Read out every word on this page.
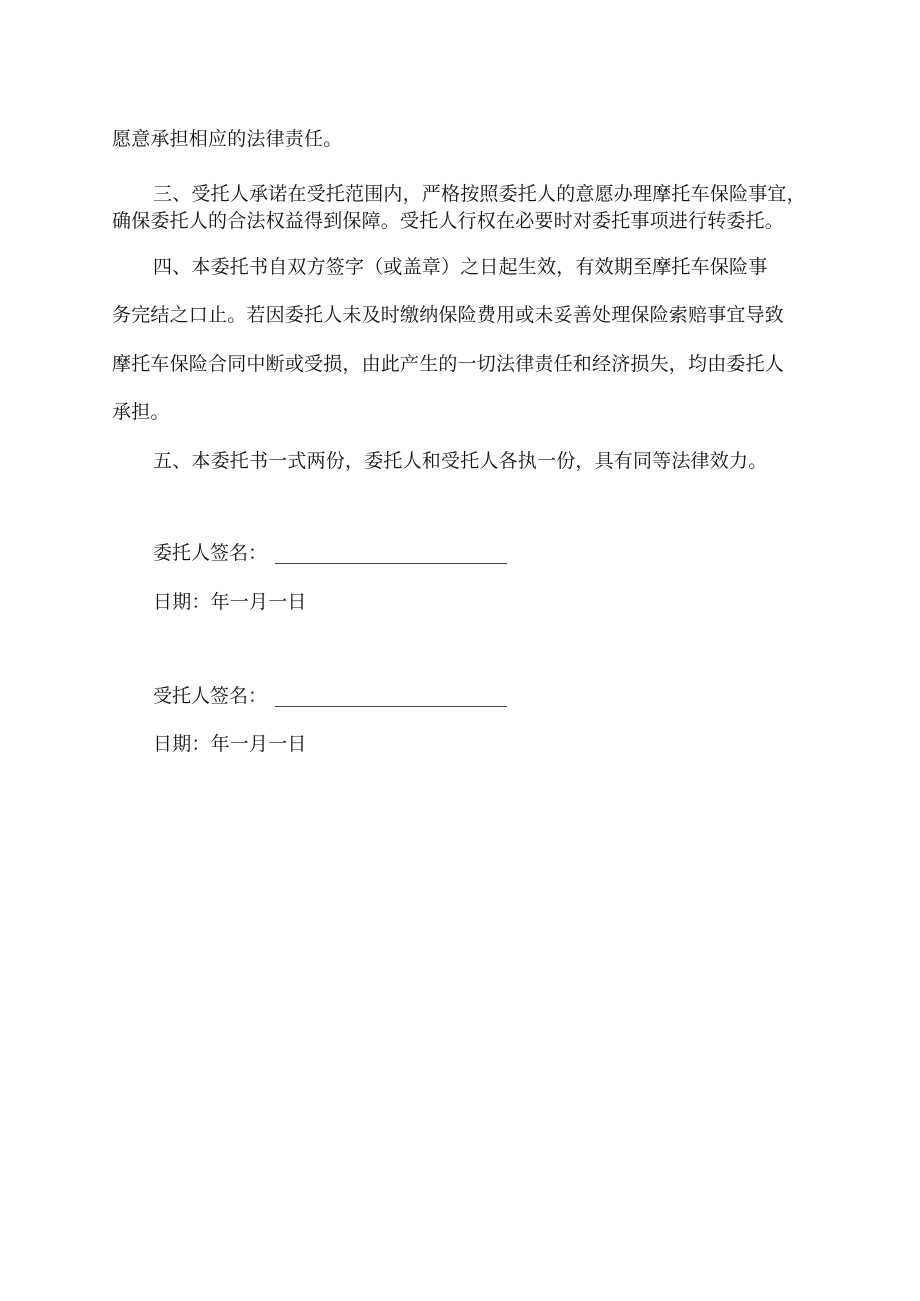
愿意承担相应的法律责任。
三、受托人承诺在受托范围内，严格按照委托人的意愿办理摩托车保险事宜，
确保委托人的合法权益得到保障。受托人行权在必要时对委托事项进行转委托。
四、本委托书自双方签字（或盖章）之日起生效，有效期至摩托车保险事
务完结之口止。若因委托人未及时缴纳保险费用或未妥善处理保险索赔事宜导致
摩托车保险合同中断或受损，由此产生的一切法律责任和经济损失，均由委托人
承担。
五、本委托书一式两份，委托人和受托人各执一份，具有同等法律效力。
委托人签名：
日期：年一月一日
受托人签名：
日期：年一月一日
